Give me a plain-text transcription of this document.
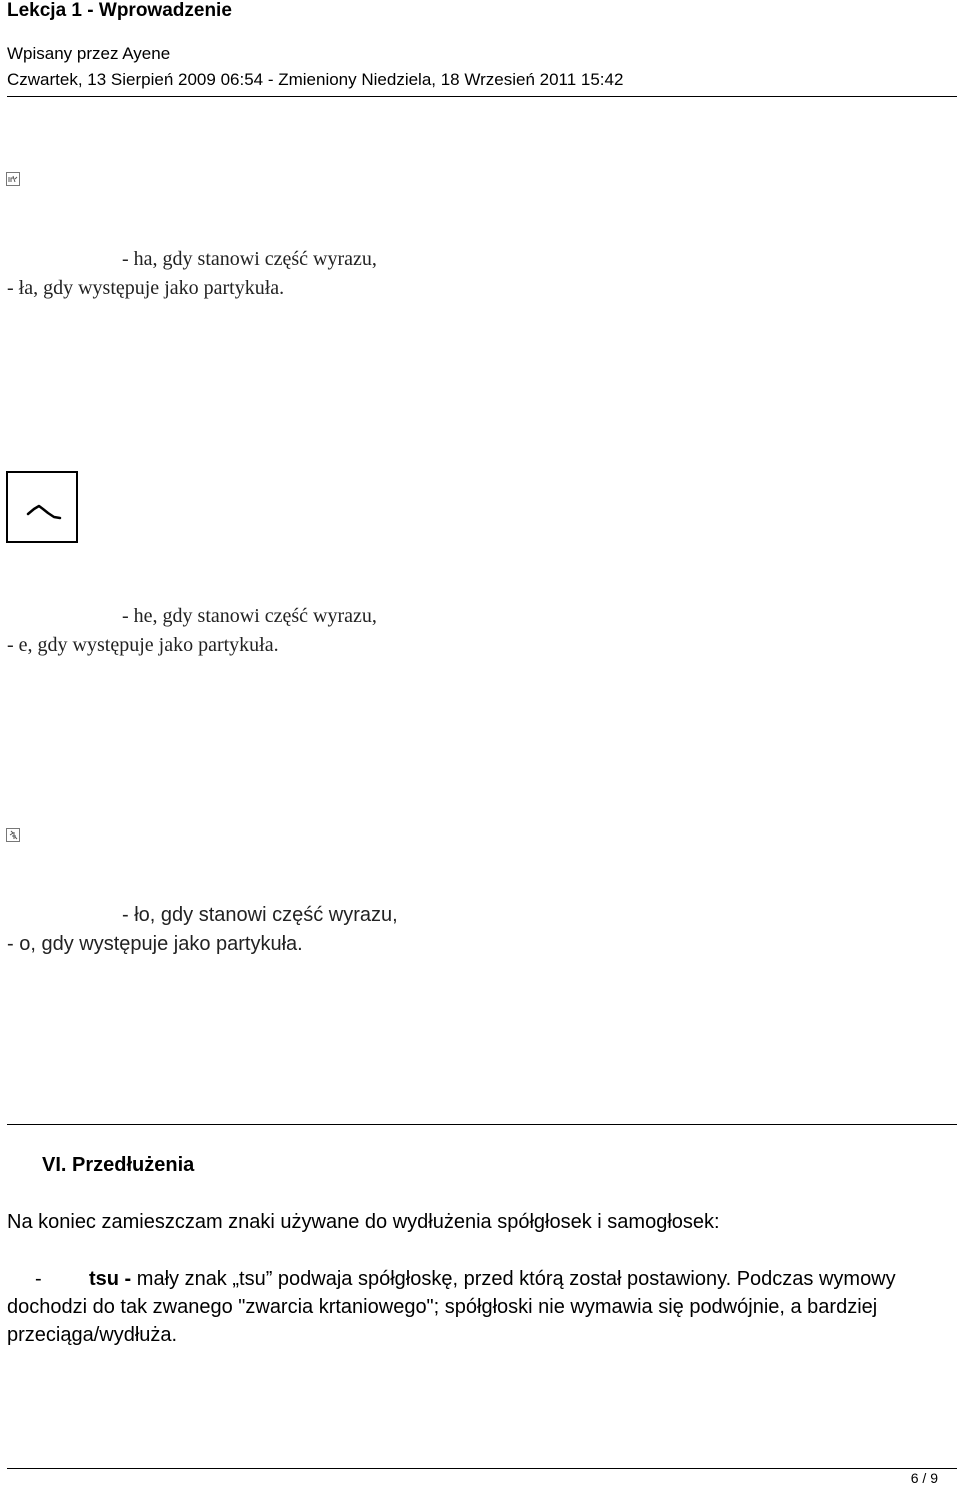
Lekcja 1 - Wprowadzenie
Wpisany przez Ayene
Czwartek, 13 Sierpień 2009 06:54 - Zmieniony Niedziela, 18 Wrzesień 2011 15:42
- ha, gdy stanowi część wyrazu,
- ła, gdy występuje jako partykuła.
- he, gdy stanowi część wyrazu,
- e, gdy występuje jako partykuła.
- ło, gdy stanowi część wyrazu,
- o, gdy występuje jako partykuła.
VI. Przedłużenia
Na koniec zamieszczam znaki używane do wydłużenia spółgłosek i samogłosek:
- tsu - mały znak „tsu” podwaja spółgłoskę, przed którą został postawiony. Podczas wymowy dochodzi do tak zwanego "zwarcia krtaniowego"; spółgłoski nie wymawia się podwójnie, a bardziej przeciąga/wydłuża.
6 / 9
